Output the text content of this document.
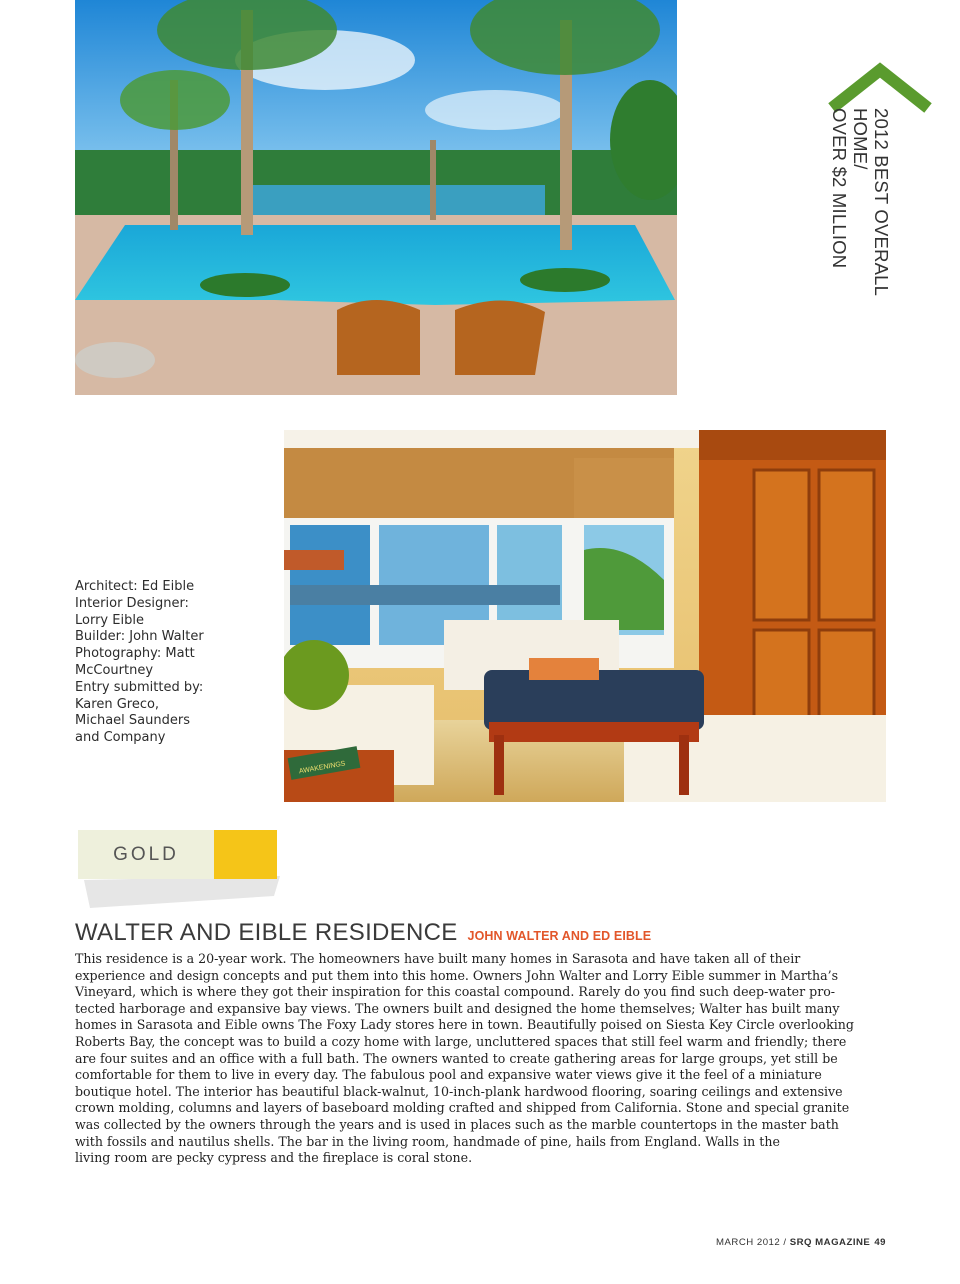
2012 BEST OVERALL HOME/
OVER $2 MILLION
Architect: Ed Eible
Interior Designer:
Lorry Eible
Builder: John Walter
Photography: Matt
McCourtney
Entry submitted by:
Karen Greco,
Michael Saunders
and Company
AWAKENINGS
GOLD
WALTER AND EIBLE RESIDENCE JOHN WALTER AND ED EIBLE
This residence is a 20-year work. The homeowners have built many homes in Sarasota and have taken all of their
experience and design concepts and put them into this home. Owners John Walter and Lorry Eible summer in Martha’s
Vineyard, which is where they got their inspiration for this coastal compound. Rarely do you find such deep-water pro-
tected harborage and expansive bay views. The owners built and designed the home themselves; Walter has built many
homes in Sarasota and Eible owns The Foxy Lady stores here in town. Beautifully poised on Siesta Key Circle overlooking
Roberts Bay, the concept was to build a cozy home with large, uncluttered spaces that still feel warm and friendly; there
are four suites and an office with a full bath. The owners wanted to create gathering areas for large groups, yet still be
comfortable for them to live in every day. The fabulous pool and expansive water views give it the feel of a miniature
boutique hotel. The interior has beautiful black-walnut, 10-inch-plank hardwood flooring, soaring ceilings and extensive
crown molding, columns and layers of baseboard molding crafted and shipped from California. Stone and special granite
was collected by the owners through the years and is used in places such as the marble countertops in the master bath
with fossils and nautilus shells. The bar in the living room, handmade of pine, hails from England. Walls in the
living room are pecky cypress and the fireplace is coral stone.
MARCH 2012 / SRQ MAGAZINE 49
